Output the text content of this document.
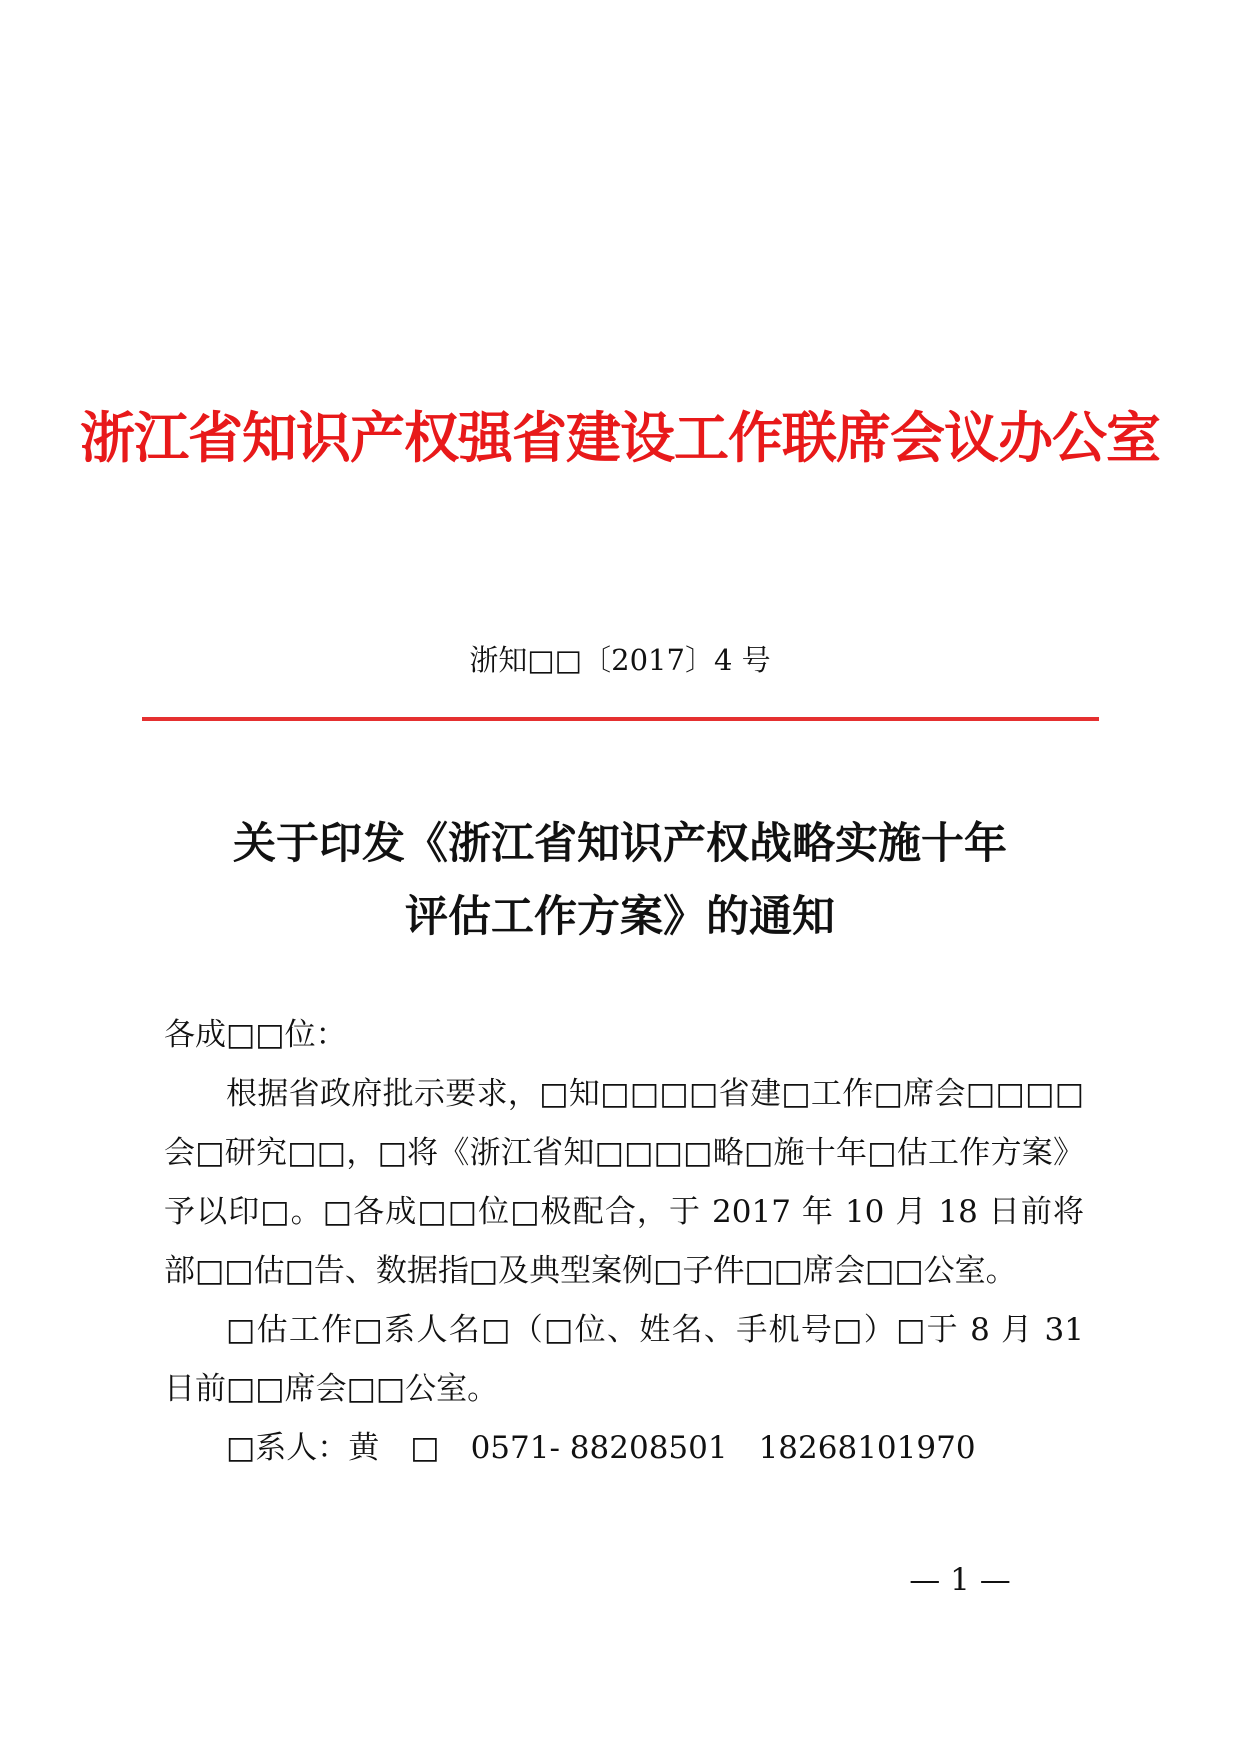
浙江省知识产权强省建设工作联席会议办公室
浙知□□〔2017〕4 号
关于印发《浙江省知识产权战略实施十年
评估工作方案》的通知

各成□□位：

根据省政府批示要求，□知□□□□省建□工作□席会□□□□会□研究□□，□将《浙江省知□□□□略□施十年□估工作方案》予以印□。□各成□□位□极配合，于 2017 年 10 月 18 日前将部□□估□告、数据指□及典型案例□子件□□席会□□公室。

□估工作□系人名□（□位、姓名、手机号□）□于 8 月 31 日前□□席会□□公室。

□系人：黄　□　0571- 88208501　18268101970

— 1 —
